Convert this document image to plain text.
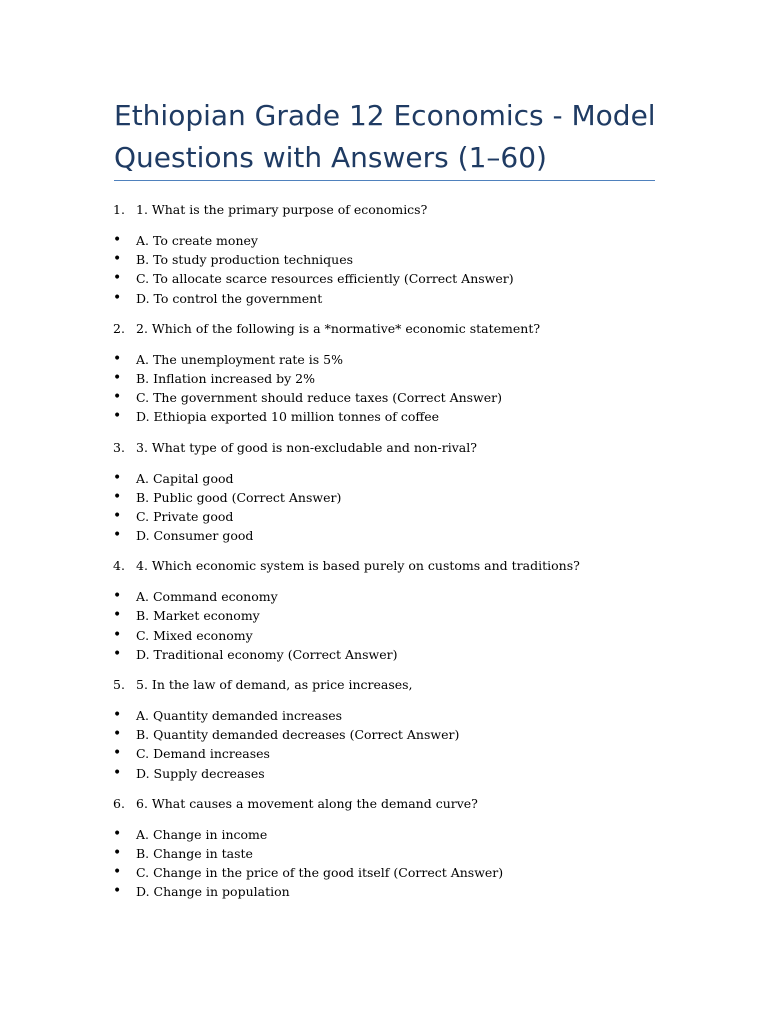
Ethiopian Grade 12 Economics - Model Questions with Answers (1–60)
1. 1. What is the primary purpose of economics?
• A. To create money
• B. To study production techniques
• C. To allocate scarce resources efficiently (Correct Answer)
• D. To control the government
2. 2. Which of the following is a *normative* economic statement?
• A. The unemployment rate is 5%
• B. Inflation increased by 2%
• C. The government should reduce taxes (Correct Answer)
• D. Ethiopia exported 10 million tonnes of coffee
3. 3. What type of good is non-excludable and non-rival?
• A. Capital good
• B. Public good (Correct Answer)
• C. Private good
• D. Consumer good
4. 4. Which economic system is based purely on customs and traditions?
• A. Command economy
• B. Market economy
• C. Mixed economy
• D. Traditional economy (Correct Answer)
5. 5. In the law of demand, as price increases,
• A. Quantity demanded increases
• B. Quantity demanded decreases (Correct Answer)
• C. Demand increases
• D. Supply decreases
6. 6. What causes a movement along the demand curve?
• A. Change in income
• B. Change in taste
• C. Change in the price of the good itself (Correct Answer)
• D. Change in population
